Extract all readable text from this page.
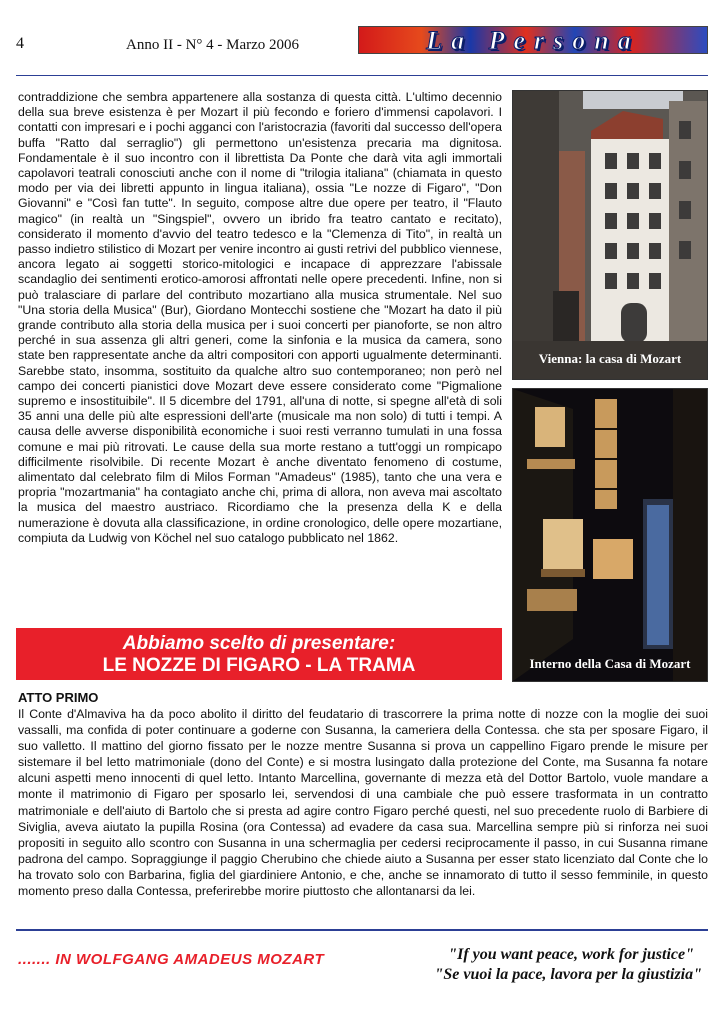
4	Anno II - N° 4 - Marzo 2006	La Persona

contraddizione che sembra appartenere alla sostanza di questa città. L'ultimo decennio della sua breve esistenza è per Mozart il più fecondo e foriero d'immensi capolavori. I contatti con impresari e i pochi agganci con l'aristocrazia (favoriti dal successo dell'opera buffa "Ratto dal serraglio") gli permettono un'esistenza precaria ma dignitosa. Fondamentale è il suo incontro con il librettista Da Ponte che darà vita agli immortali capolavori teatrali conosciuti anche con il nome di "trilogia italiana" (chiamata in questo modo per via dei libretti appunto in lingua italiana), ossia "Le nozze di Figaro", "Don Giovanni" e "Così fan tutte". In seguito, compose altre due opere per teatro, il "Flauto magico" (in realtà un "Singspiel", ovvero un ibrido fra teatro cantato e recitato), considerato il momento d'avvio del teatro tedesco e la "Clemenza di Tito", in realtà un passo indietro stilistico di Mozart per venire incontro ai gusti retrivi del pubblico viennese, ancora legato ai soggetti storico-mitologici e incapace di apprezzare l'abissale scandaglio dei sentimenti erotico-amorosi affrontati nelle opere precedenti. Infine, non si può tralasciare di parlare del contributo mozartiano alla musica strumentale. Nel suo "Una storia della Musica" (Bur), Giordano Montecchi sostiene che "Mozart ha dato il più grande contributo alla storia della musica per i suoi concerti per pianoforte, se non altro perché in sua assenza gli altri generi, come la sinfonia e la musica da camera, sono state ben rappresentate anche da altri compositori con apporti ugualmente determinanti. Sarebbe stato, insomma, sostituito da qualche altro suo contemporaneo; non però nel campo dei concerti pianistici dove Mozart deve essere considerato come "Pigmalione supremo e insostituibile". Il 5 dicembre del 1791, all'una di notte, si spegne all'età di soli 35 anni una delle più alte espressioni dell'arte (musicale ma non solo) di tutti i tempi. A causa delle avverse disponibilità economiche i suoi resti verranno tumulati in una fossa comune e mai più ritrovati. Le cause della sua morte restano a tutt'oggi un rompicapo difficilmente risolvibile. Di recente Mozart è anche diventato fenomeno di costume, alimentato dal celebrato film di Milos Forman "Amadeus" (1985), tanto che una vera e propria "mozartmania" ha contagiato anche chi, prima di allora, non aveva mai ascoltato la musica del maestro austriaco. Ricordiamo che la presenza della K e della numerazione è dovuta alla classificazione, in ordine cronologico, delle opere mozartiane, compiuta da Ludwig von Köchel nel suo catalogo pubblicato nel 1862.

Vienna: la casa di Mozart
Interno della Casa di Mozart
Abbiamo scelto di presentare:
LE NOZZE DI FIGARO - LA TRAMA
ATTO PRIMO

Il Conte d'Almaviva ha da poco abolito il diritto del feudatario di trascorrere la prima notte di nozze con la moglie dei suoi vassalli, ma confida di poter continuare a goderne con Susanna, la cameriera della Contessa. che sta per sposare Figaro, il suo valletto. Il mattino del giorno fissato per le nozze mentre Susanna si prova un cappellino Figaro prende le misure per sistemare il bel letto matrimoniale (dono del Conte) e si mostra lusingato dalla protezione del Conte, ma Susanna fa notare alcuni aspetti meno innocenti di quel letto. Intanto Marcellina, governante di mezza età del Dottor Bartolo, vuole mandare a monte il matrimonio di Figaro per sposarlo lei, servendosi di una cambiale che può essere trasformata in un contratto matrimoniale e dell'aiuto di Bartolo che si presta ad agire contro Figaro perché questi, nel suo precedente ruolo di Barbiere di Siviglia, aveva aiutato la pupilla Rosina (ora Contessa) ad evadere da casa sua. Marcellina sempre più si rinforza nei suoi propositi in seguito allo scontro con Susanna in una schermaglia per cedersi reciprocamente il passo, in cui Susanna rimane padrona del campo. Sopraggiunge il paggio Cherubino che chiede aiuto a Susanna per esser stato licenziato dal Conte che lo ha trovato solo con Barbarina, figlia del giardiniere Antonio, e che, anche se innamorato di tutto il sesso femminile, in questo momento preso dalla Contessa, preferirebbe morire piuttosto che allontanarsi da lei.

....... IN WOLFGANG AMADEUS MOZART	"If you want peace, work for justice"
"Se vuoi la pace, lavora per la giustizia"
